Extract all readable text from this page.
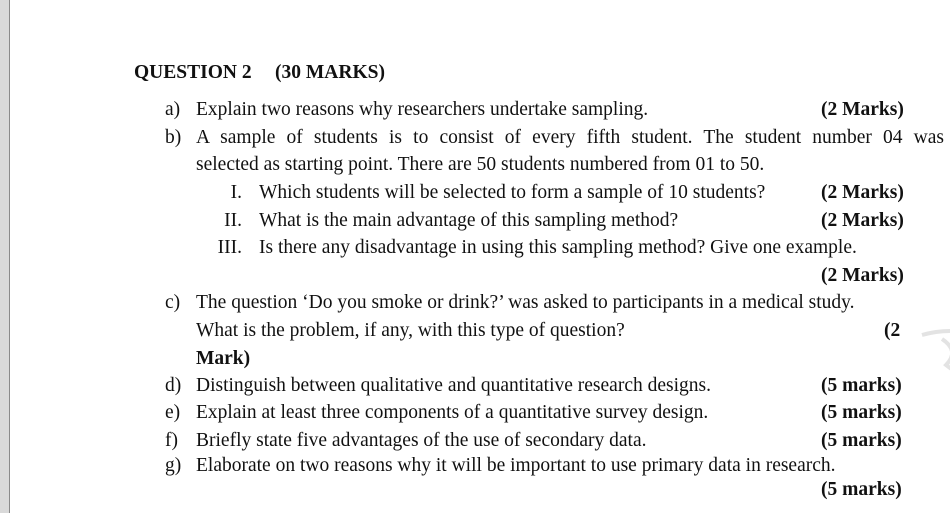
QUESTION 2 (30 MARKS)
a) Explain two reasons why researchers undertake sampling.	(2 Marks)
b) A sample of students is to consist of every fifth student. The student number 04 was
selected as starting point. There are 50 students numbered from 01 to 50.
I. Which students will be selected to form a sample of 10 students?	(2 Marks)
II. What is the main advantage of this sampling method?	(2 Marks)
III. Is there any disadvantage in using this sampling method? Give one example.
(2 Marks)
c) The question ‘Do you smoke or drink?’ was asked to participants in a medical study.
What is the problem, if any, with this type of question?	(2
Mark)
d) Distinguish between qualitative and quantitative research designs.	(5 marks)
e) Explain at least three components of a quantitative survey design.	(5 marks)
f) Briefly state five advantages of the use of secondary data.	(5 marks)
g) Elaborate on two reasons why it will be important to use primary data in research.
(5 marks)
